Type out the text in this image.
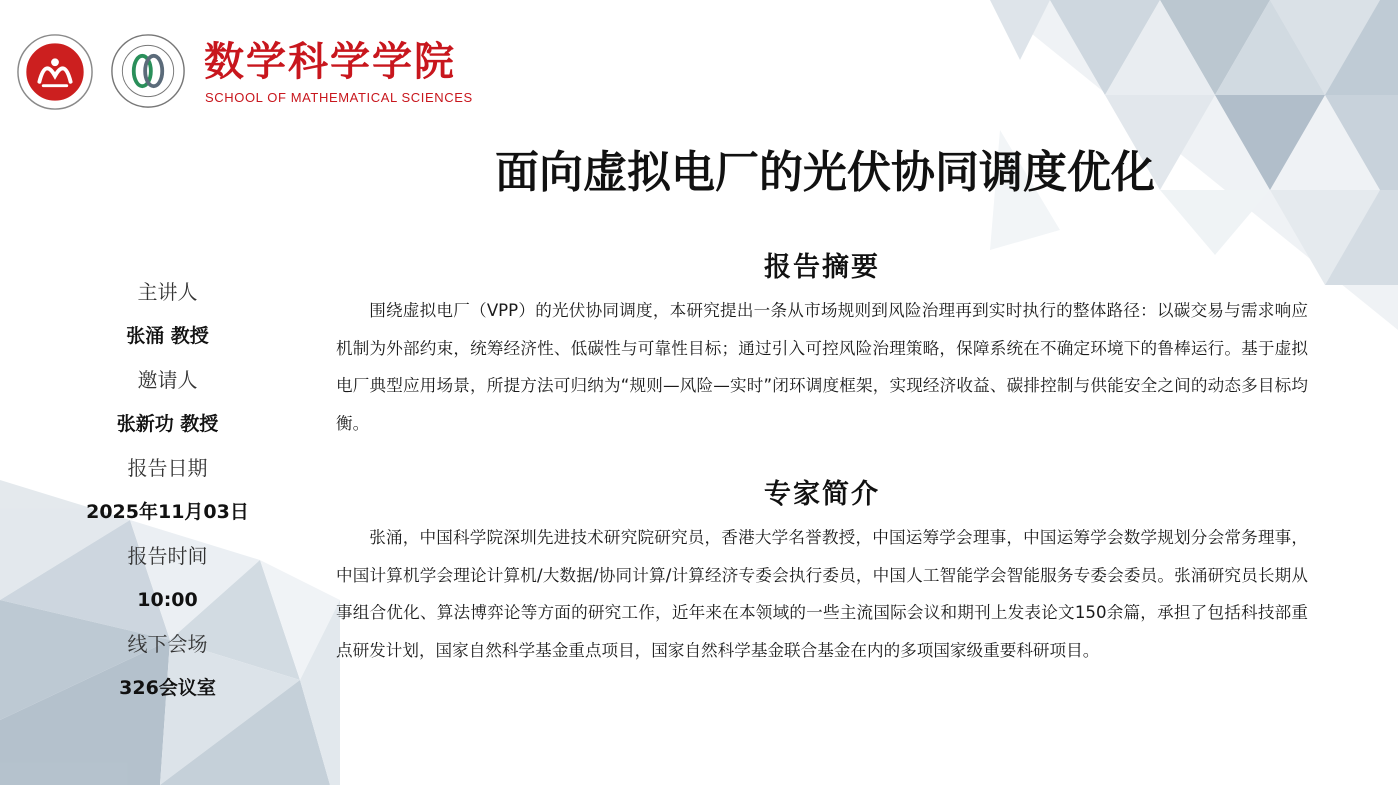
数学科学学院
SCHOOL OF MATHEMATICAL SCIENCES
面向虚拟电厂的光伏协同调度优化
主讲人
张涌 教授
邀请人
张新功 教授
报告日期
2025年11月03日
报告时间
10:00
线下会场
326会议室
报告摘要
围绕虚拟电厂（VPP）的光伏协同调度，本研究提出一条从市场规则到风险治理再到实时执行的整体路径：以碳交易与需求响应机制为外部约束，统筹经济性、低碳性与可靠性目标；通过引入可控风险治理策略，保障系统在不确定环境下的鲁棒运行。基于虚拟电厂典型应用场景，所提方法可归纳为“规则—风险—实时”闭环调度框架，实现经济收益、碳排控制与供能安全之间的动态多目标均衡。
专家简介
张涌，中国科学院深圳先进技术研究院研究员，香港大学名誉教授，中国运筹学会理事，中国运筹学会数学规划分会常务理事，中国计算机学会理论计算机/大数据/协同计算/计算经济专委会执行委员，中国人工智能学会智能服务专委会委员。张涌研究员长期从事组合优化、算法博弈论等方面的研究工作，近年来在本领域的一些主流国际会议和期刊上发表论文150余篇，承担了包括科技部重点研发计划，国家自然科学基金重点项目，国家自然科学基金联合基金在内的多项国家级重要科研项目。
